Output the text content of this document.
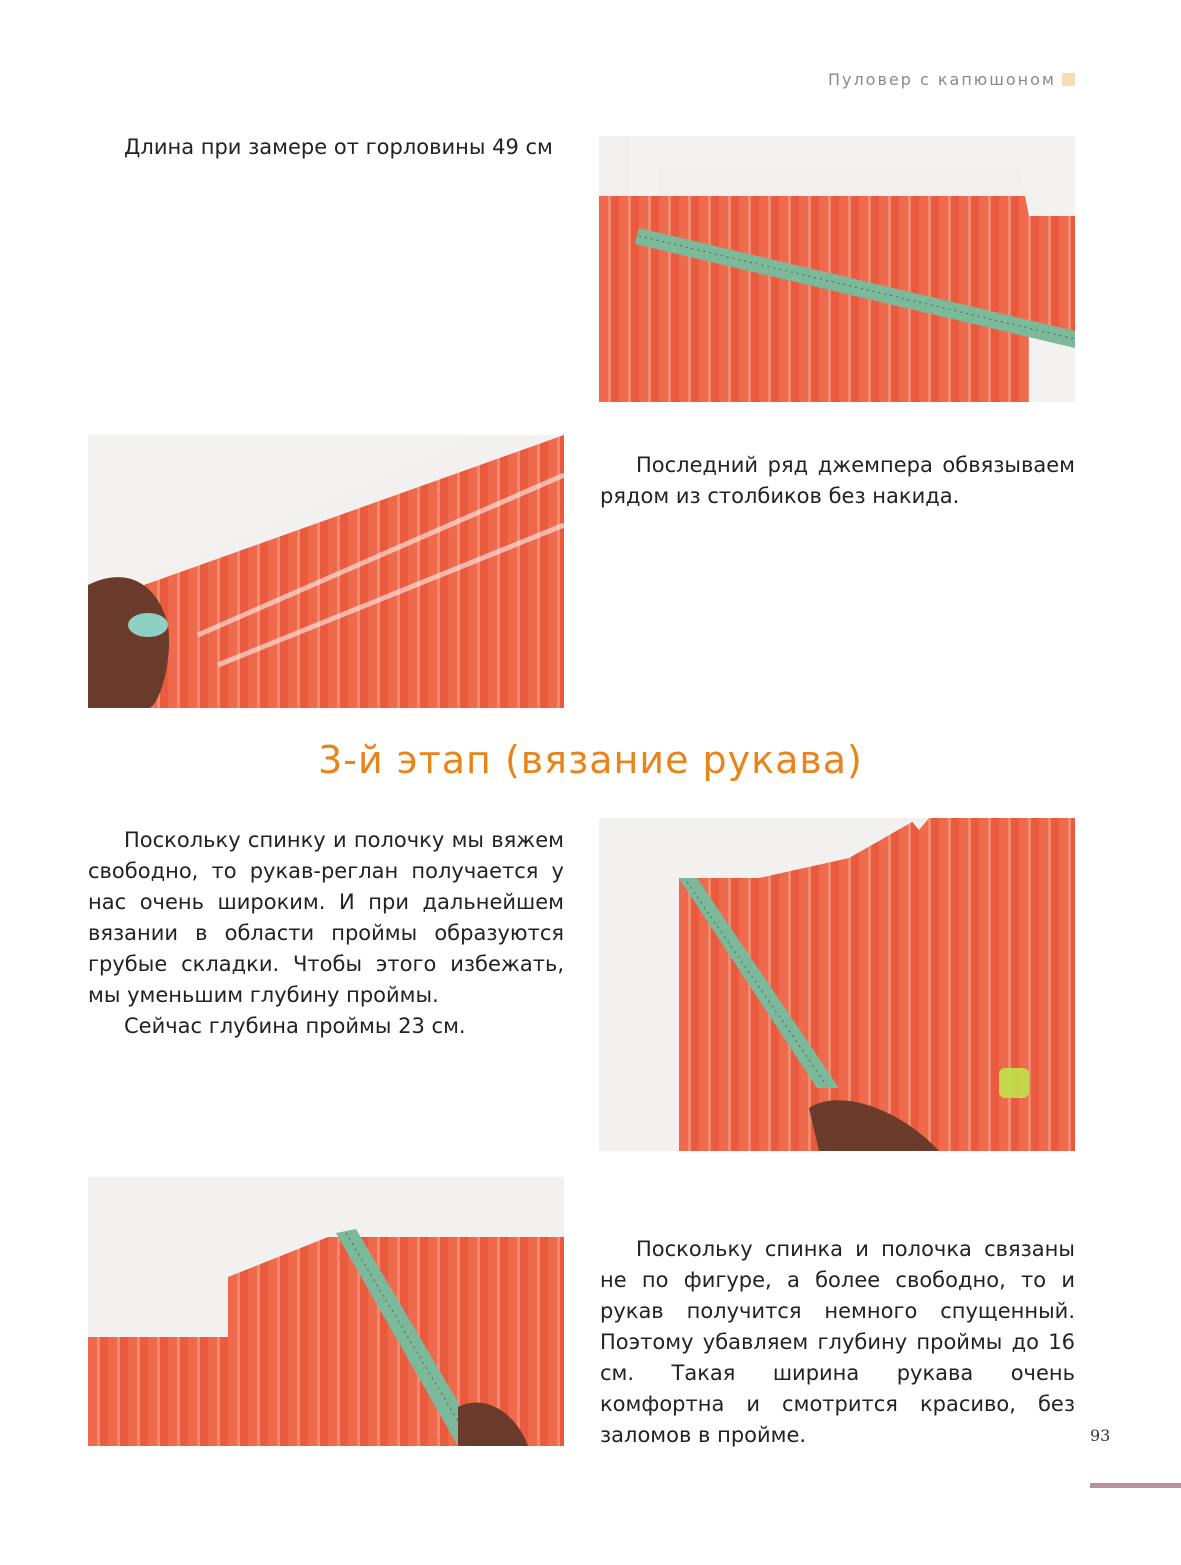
Пуловер с капюшоном

Длина при замере от горловины 49 см

Последний ряд джемпера обвязываем рядом из столбиков без накида.

3-й этап (вязание рукава)

Поскольку спинку и полочку мы вяжем свободно, то рукав-реглан получается у нас очень широким. И при дальнейшем вязании в области проймы образуются грубые складки. Чтобы этого избежать, мы уменьшим глубину проймы.

Сейчас глубина проймы 23 см.

Поскольку спинка и полочка связаны не по фигуре, а более свободно, то и рукав получится немного спущенный. Поэтому убавляем глубину проймы до 16 см. Такая ширина рукава очень комфортна и смотрится красиво, без заломов в пройме.	93
